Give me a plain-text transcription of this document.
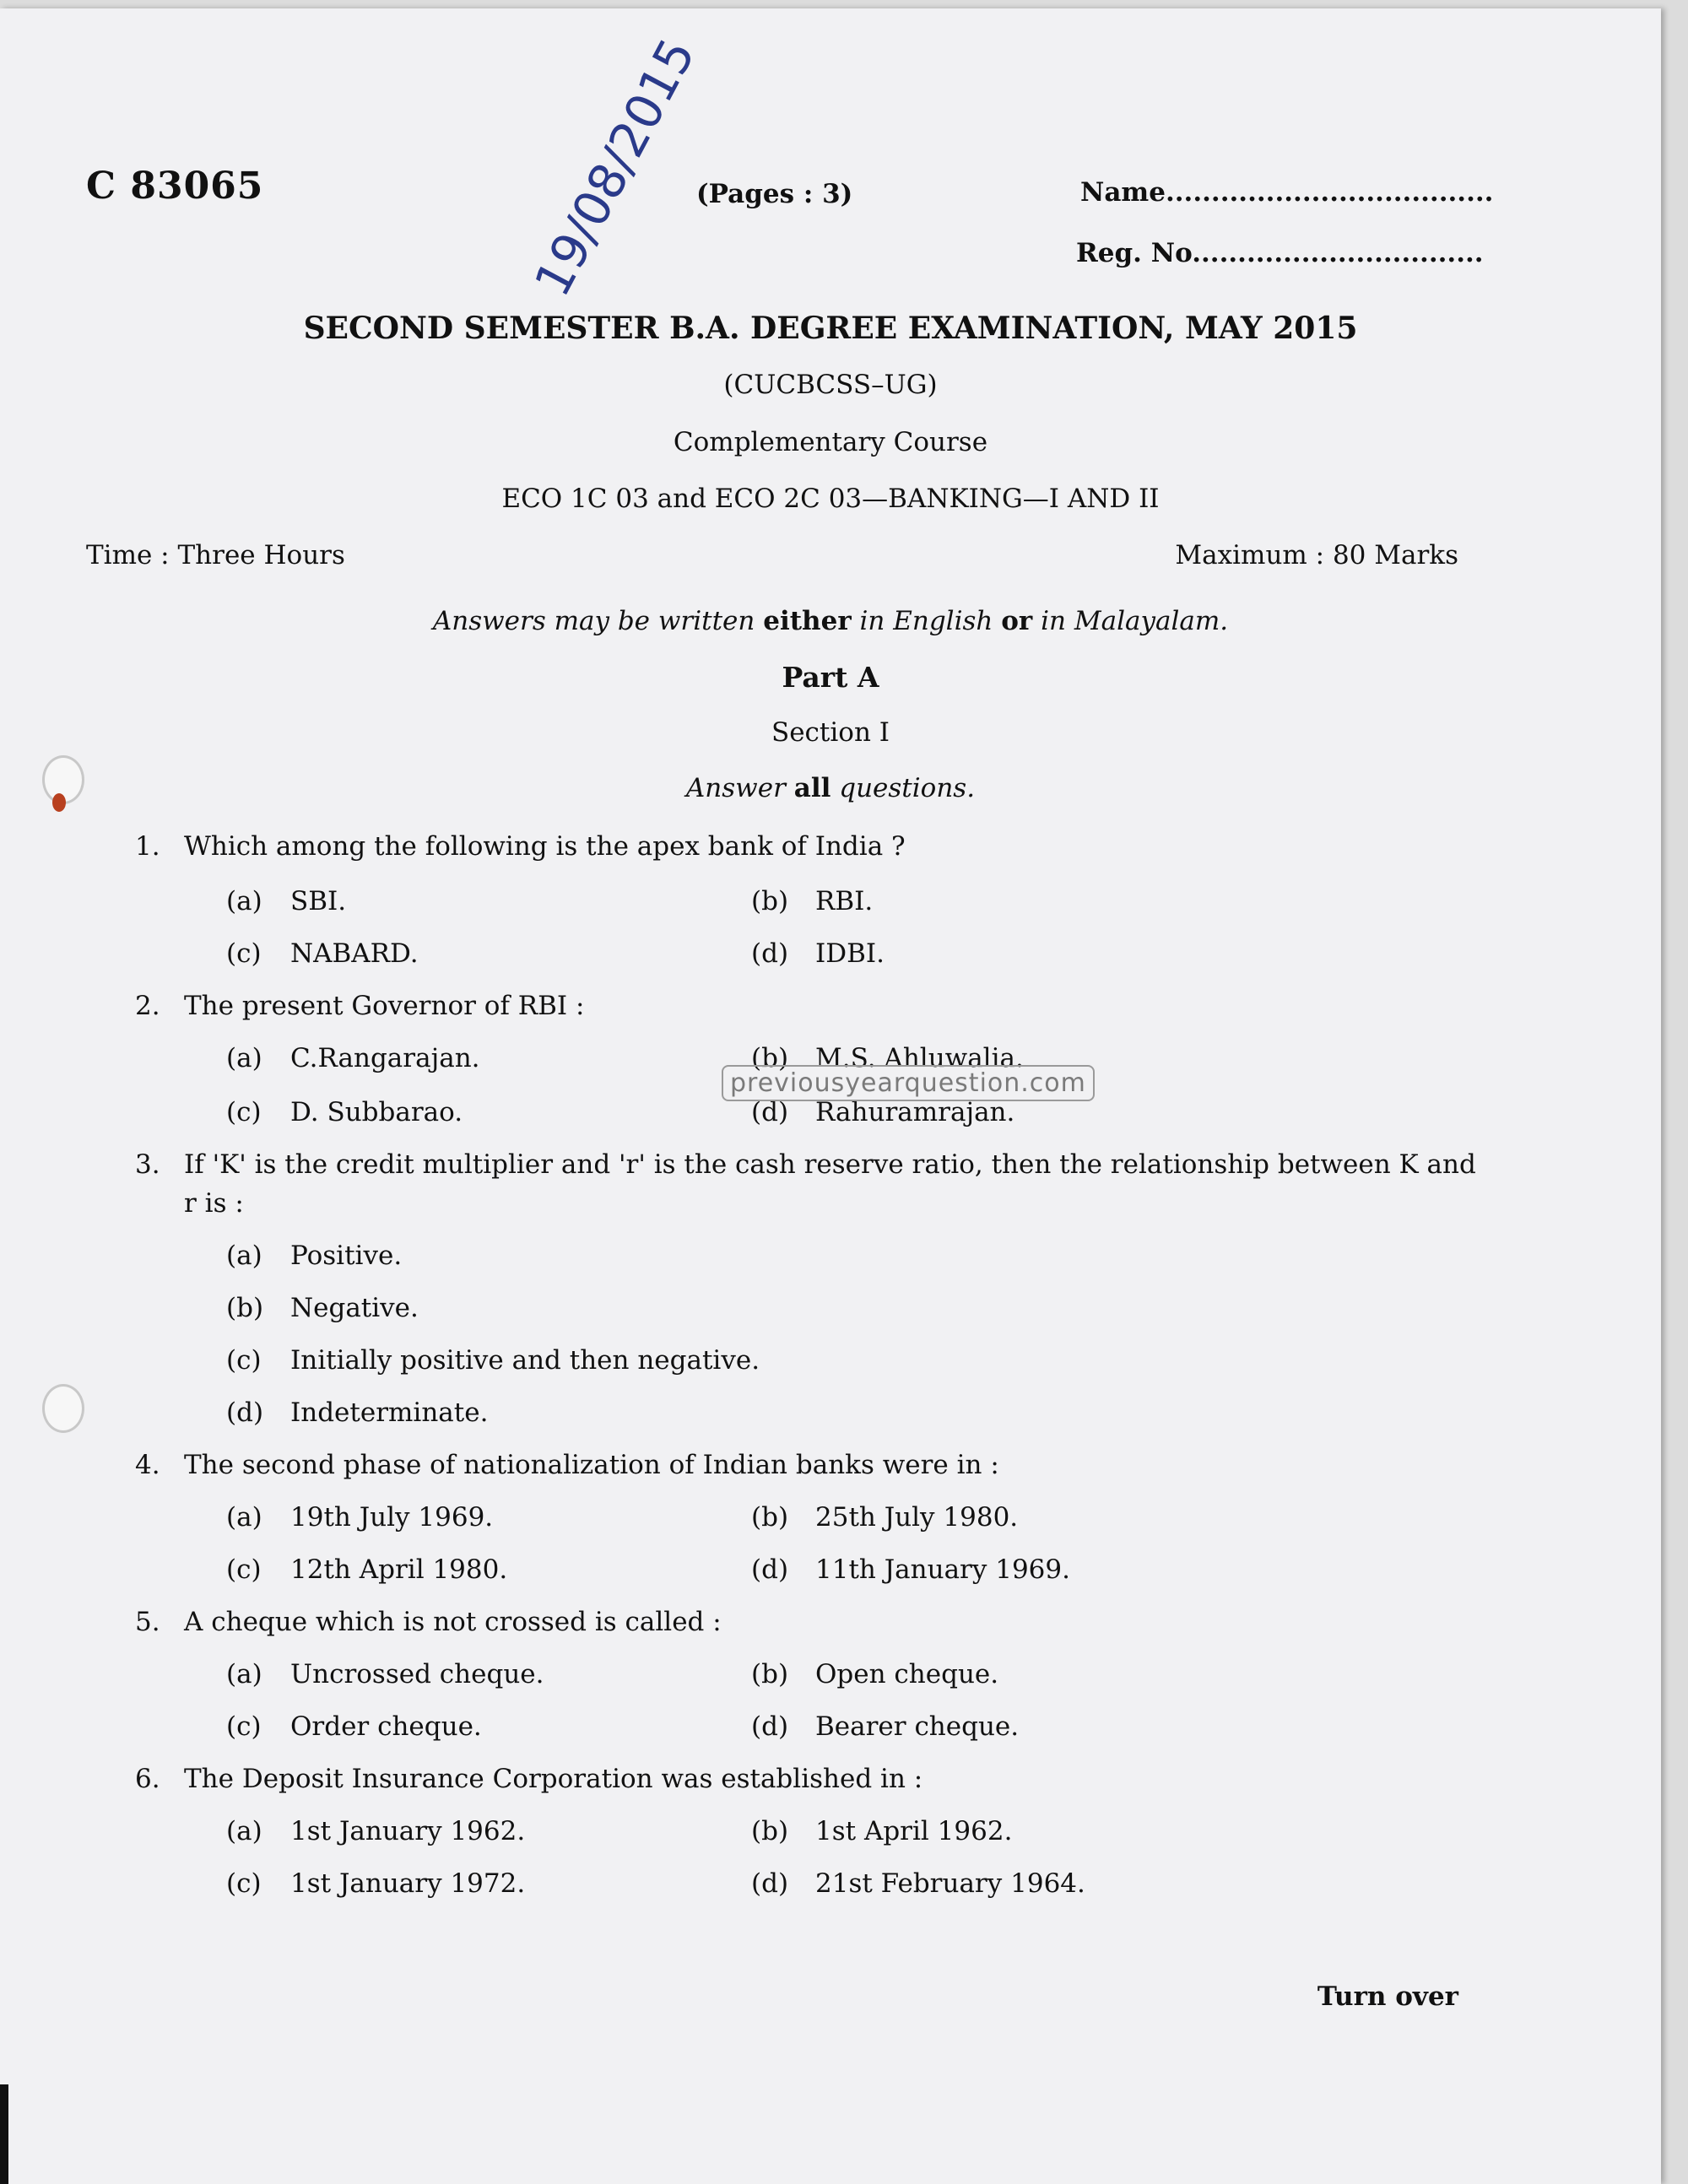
C 83065	19/08/2015
(Pages : 3)	Name....................................
Reg. No................................
SECOND SEMESTER B.A. DEGREE EXAMINATION, MAY 2015
(CUCBCSS–UG)
Complementary Course
ECO 1C 03 and ECO 2C 03—BANKING—I AND II
Time : Three Hours	Maximum : 80 Marks
Answers may be written either in English or in Malayalam.
Part A
Section I
Answer all questions.
1. Which among the following is the apex bank of India ?
(a) SBI.	(b) RBI.
(c) NABARD.	(d) IDBI.
2. The present Governor of RBI :
(a) C.Rangarajan.	(b) M.S. Ahluwalia.
(c) D. Subbarao.	(d) Rahuramrajan.
previousyearquestion.com
3. If 'K' is the credit multiplier and 'r' is the cash reserve ratio, then the relationship between K and
r is :
(a) Positive.
(b) Negative.
(c) Initially positive and then negative.
(d) Indeterminate.
4. The second phase of nationalization of Indian banks were in :
(a) 19th July 1969.	(b) 25th July 1980.
(c) 12th April 1980.	(d) 11th January 1969.
5. A cheque which is not crossed is called :
(a) Uncrossed cheque.	(b) Open cheque.
(c) Order cheque.	(d) Bearer cheque.
6. The Deposit Insurance Corporation was established in :
(a) 1st January 1962.	(b) 1st April 1962.
(c) 1st January 1972.	(d) 21st February 1964.
Turn over
